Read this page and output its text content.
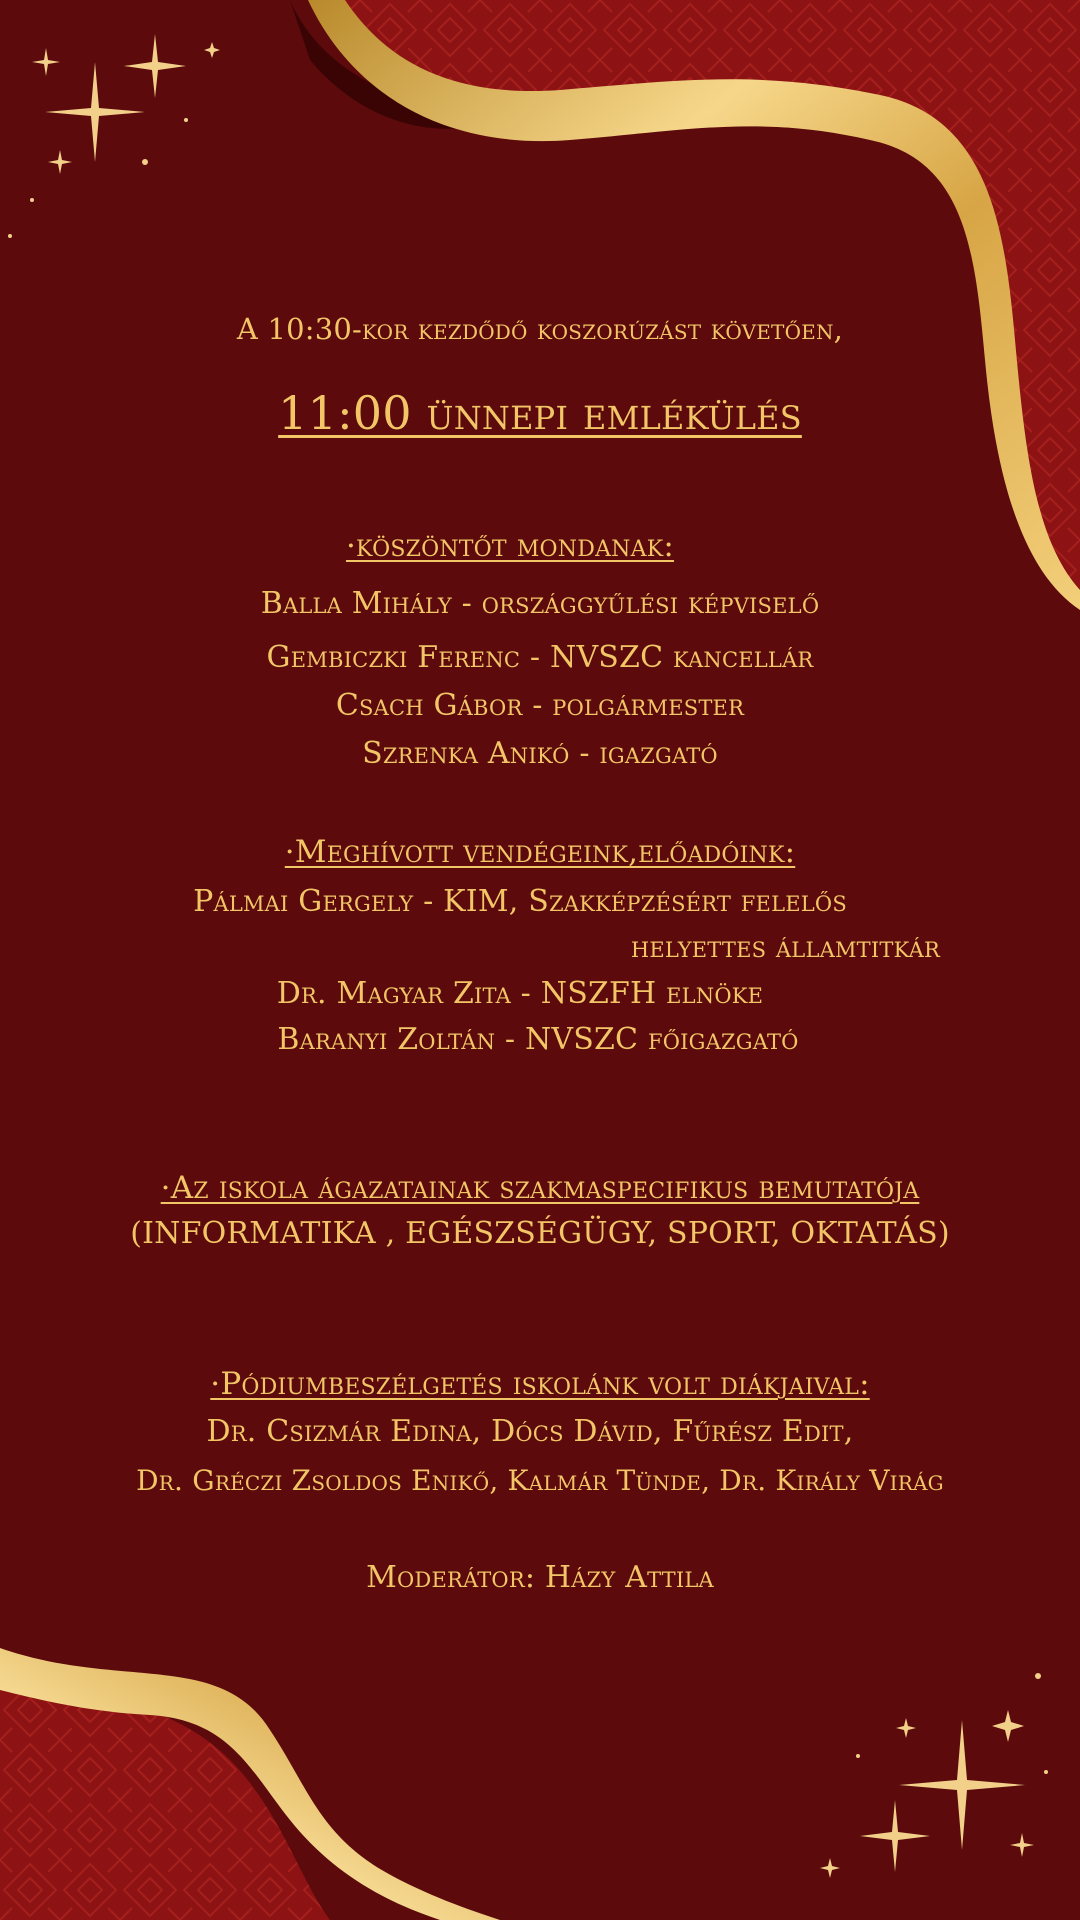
A 10:30-kor kezdődő koszorúzást követően,
11:00 ünnepi emlékülés
·köszöntőt mondanak:
Balla Mihály - országgyűlési képviselő
Gembiczki Ferenc - NVSZC kancellár
Csach Gábor - polgármester
Szrenka Anikó - igazgató
·Meghívott vendégeink,előadóink:
Pálmai Gergely - KIM, Szakképzésért felelős
helyettes államtitkár
Dr. Magyar Zita - NSZFH elnöke
Baranyi Zoltán - NVSZC főigazgató
·Az iskola ágazatainak szakmaspecifikus bemutatója
(INFORMATIKA , EGÉSZSÉGÜGY, SPORT, OKTATÁS)
·Pódiumbeszélgetés iskolánk volt diákjaival:
Dr. Csizmár Edina, Dócs Dávid, Fűrész Edit,
Dr. Gréczi Zsoldos Enikő, Kalmár Tünde, Dr. Király Virág
Moderátor: Házy Attila
